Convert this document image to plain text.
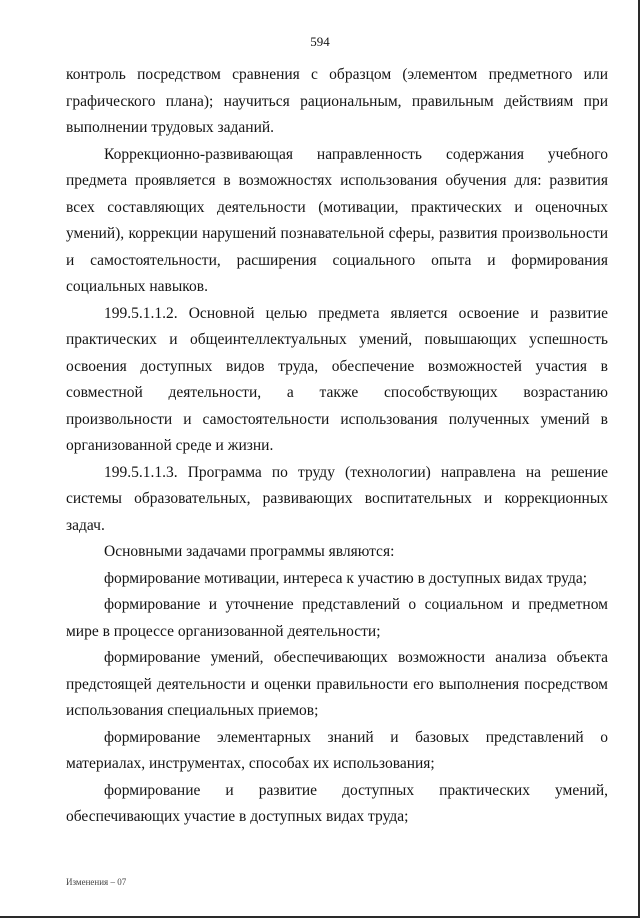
594

контроль посредством сравнения с образцом (элементом предметного или графического плана); научиться рациональным, правильным действиям при выполнении трудовых заданий.

Коррекционно-развивающая направленность содержания учебного предмета проявляется в возможностях использования обучения для: развития всех составляющих деятельности (мотивации, практических и оценочных умений), коррекции нарушений познавательной сферы, развития произвольности и самостоятельности, расширения социального опыта и формирования социальных навыков.

199.5.1.1.2. Основной целью предмета является освоение и развитие практических и общеинтеллектуальных умений, повышающих успешность освоения доступных видов труда, обеспечение возможностей участия в совместной деятельности, а также способствующих возрастанию произвольности и самостоятельности использования полученных умений в организованной среде и жизни.

199.5.1.1.3. Программа по труду (технологии) направлена на решение системы образовательных, развивающих воспитательных и коррекционных задач.

Основными задачами программы являются:

формирование мотивации, интереса к участию в доступных видах труда;

формирование и уточнение представлений о социальном и предметном мире в процессе организованной деятельности;

формирование умений, обеспечивающих возможности анализа объекта предстоящей деятельности и оценки правильности его выполнения посредством использования специальных приемов;

формирование элементарных знаний и базовых представлений о материалах, инструментах, способах их использования;

формирование и развитие доступных практических умений, обеспечивающих участие в доступных видах труда;

Изменения – 07
